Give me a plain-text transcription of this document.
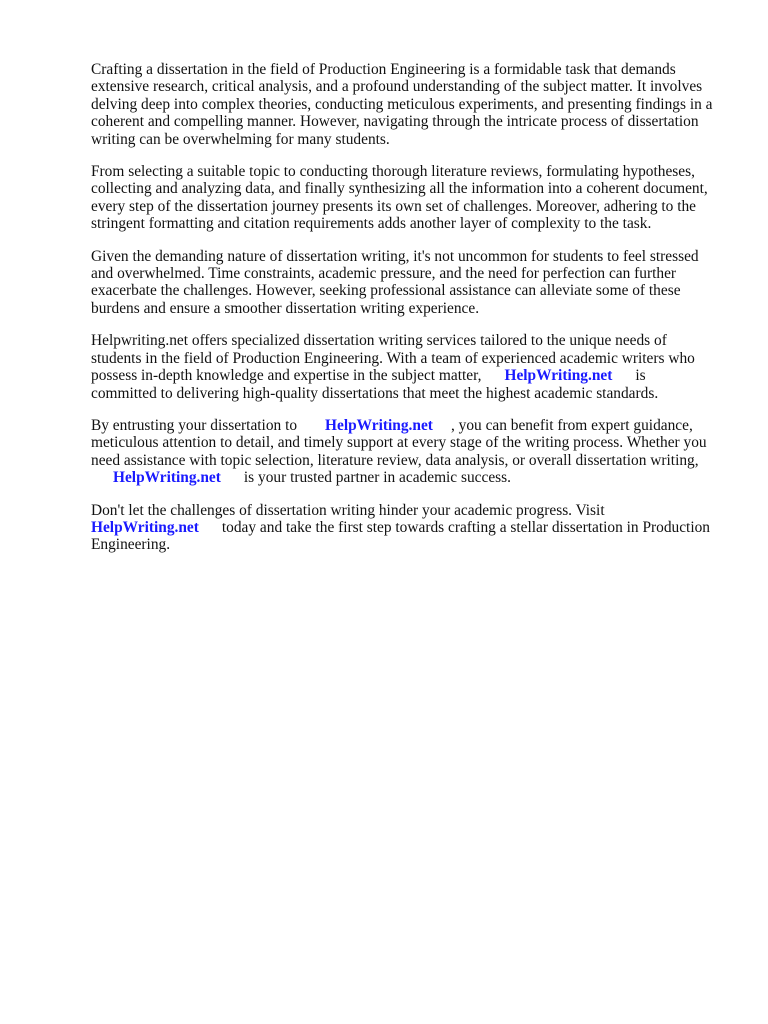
Crafting a dissertation in the field of Production Engineering is a formidable task that demands
extensive research, critical analysis, and a profound understanding of the subject matter. It involves
delving deep into complex theories, conducting meticulous experiments, and presenting findings in a
coherent and compelling manner. However, navigating through the intricate process of dissertation
writing can be overwhelming for many students.

From selecting a suitable topic to conducting thorough literature reviews, formulating hypotheses,
collecting and analyzing data, and finally synthesizing all the information into a coherent document,
every step of the dissertation journey presents its own set of challenges. Moreover, adhering to the
stringent formatting and citation requirements adds another layer of complexity to the task.

Given the demanding nature of dissertation writing, it's not uncommon for students to feel stressed
and overwhelmed. Time constraints, academic pressure, and the need for perfection can further
exacerbate the challenges. However, seeking professional assistance can alleviate some of these
burdens and ensure a smoother dissertation writing experience.

Helpwriting.net offers specialized dissertation writing services tailored to the unique needs of
students in the field of Production Engineering. With a team of experienced academic writers who
possess in-depth knowledge and expertise in the subject matter, HelpWriting.net is
committed to delivering high-quality dissertations that meet the highest academic standards.

By entrusting your dissertation to HelpWriting.net , you can benefit from expert guidance,
meticulous attention to detail, and timely support at every stage of the writing process. Whether you
need assistance with topic selection, literature review, data analysis, or overall dissertation writing,
HelpWriting.net is your trusted partner in academic success.

Don't let the challenges of dissertation writing hinder your academic progress. Visit
HelpWriting.net today and take the first step towards crafting a stellar dissertation in Production
Engineering.
